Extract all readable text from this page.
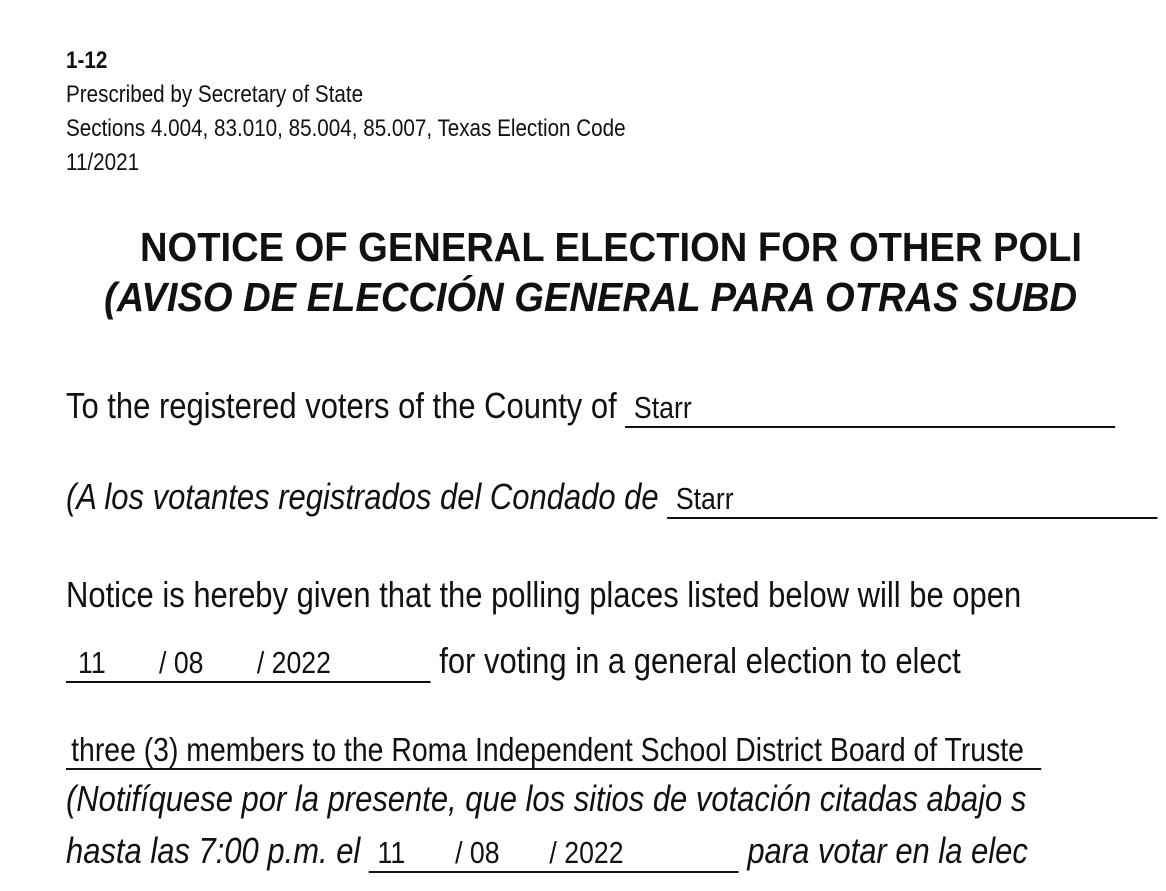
1-12
Prescribed by Secretary of State
Sections 4.004, 83.010, 85.004, 85.007, Texas Election Code
11/2021
NOTICE OF GENERAL ELECTION FOR OTHER POLI
(AVISO DE ELECCIÓN GENERAL PARA OTRAS SUBD
To the registered voters of the County of Starr
(A los votantes registrados del Condado de Starr
Notice is hereby given that the polling places listed below will be open
11 / 08 / 2022	for voting in a general election to elect
three (3) members to the Roma Independent School District Board of Truste
(Notifíquese por la presente, que los sitios de votación citadas abajo s
hasta las 7:00 p.m. el 11 / 08 / 2022	para votar en la elec
